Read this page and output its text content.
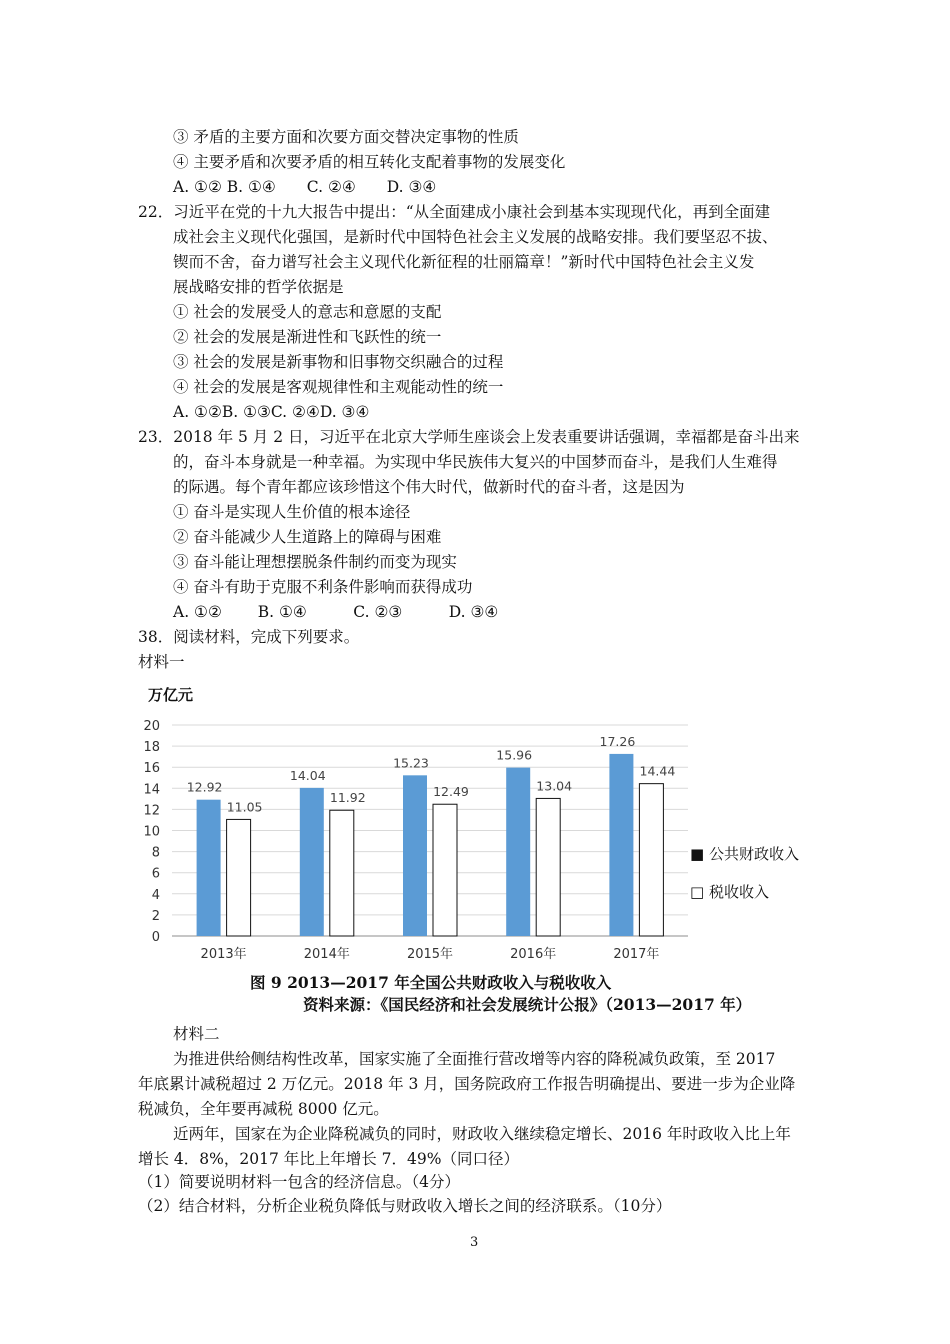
③ 矛盾的主要方面和次要方面交替决定事物的性质
④ 主要矛盾和次要矛盾的相互转化支配着事物的发展变化
A. ①② B. ①④　　C. ②④　　D. ③④
22．习近平在党的十九大报告中提出：“从全面建成小康社会到基本实现现代化，再到全面建
成社会主义现代化强国，是新时代中国特色社会主义发展的战略安排。我们要坚忍不拔、
锲而不舍，奋力谱写社会主义现代化新征程的壮丽篇章！”新时代中国特色社会主义发
展战略安排的哲学依据是
① 社会的发展受人的意志和意愿的支配
② 社会的发展是渐进性和飞跃性的统一
③ 社会的发展是新事物和旧事物交织融合的过程
④ 社会的发展是客观规律性和主观能动性的统一
A. ①②B. ①③C. ②④D. ③④
23．2018 年 5 月 2 日，习近平在北京大学师生座谈会上发表重要讲话强调，幸福都是奋斗出来
的，奋斗本身就是一种幸福。为实现中华民族伟大复兴的中国梦而奋斗，是我们人生难得
的际遇。每个青年都应该珍惜这个伟大时代，做新时代的奋斗者，这是因为
① 奋斗是实现人生价值的根本途径
② 奋斗能减少人生道路上的障碍与困难
③ 奋斗能让理想摆脱条件制约而变为现实
④ 奋斗有助于克服不利条件影响而获得成功
A. ①②　　 B. ①④　　　C. ②③　　　D. ③④
38．阅读材料，完成下列要求。
材料一
0
2
4
6
8
10
12
14
16
18
20
12.92
11.05
2013年
14.04
11.92
2014年
15.23
12.49
2015年
15.96
13.04
2016年
17.26
14.44
2017年
万亿元
■ 公共财政收入
□ 税收收入
图 9 2013—2017 年全国公共财政收入与税收收入
资料来源：《国民经济和社会发展统计公报》（2013—2017 年）
材料二
为推进供给侧结构性改革，国家实施了全面推行营改增等内容的降税减负政策，至 2017
年底累计减税超过 2 万亿元。2018 年 3 月，国务院政府工作报告明确提出、要进一步为企业降
税减负，全年要再减税 8000 亿元。
近两年，国家在为企业降税减负的同时，财政收入继续稳定增长、2016 年时政收入比上年
增长 4．8%，2017 年比上年增长 7．49%（同口径）
（1）简要说明材料一包含的经济信息。（4分）
（2）结合材料，分析企业税负降低与财政收入增长之间的经济联系。（10分）
3
